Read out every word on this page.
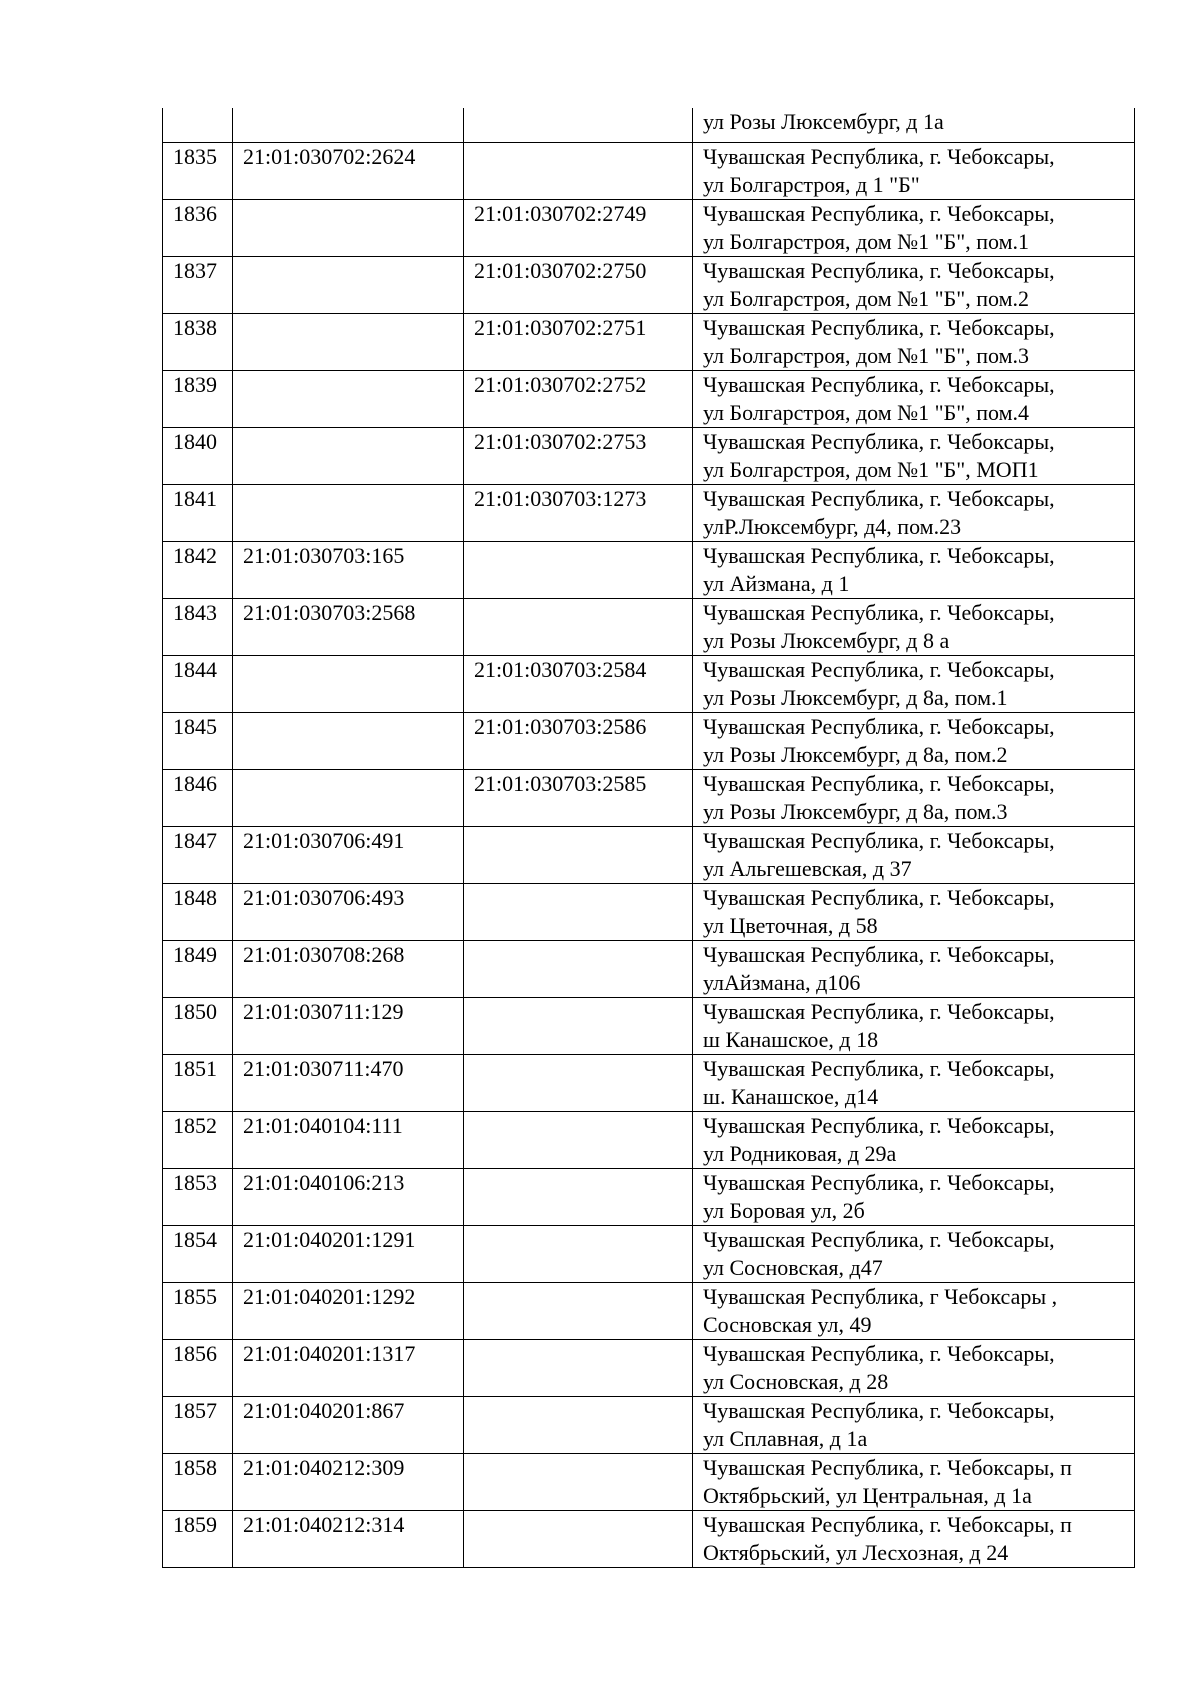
			ул Розы Люксембург, д 1а

1835	21:01:030702:2624		Чувашская Республика, г. Чебоксары,
ул Болгарстроя, д 1 "Б"

1836		21:01:030702:2749	Чувашская Республика, г. Чебоксары,
ул Болгарстроя, дом №1 "Б", пом.1

1837		21:01:030702:2750	Чувашская Республика, г. Чебоксары,
ул Болгарстроя, дом №1 "Б", пом.2

1838		21:01:030702:2751	Чувашская Республика, г. Чебоксары,
ул Болгарстроя, дом №1 "Б", пом.3

1839		21:01:030702:2752	Чувашская Республика, г. Чебоксары,
ул Болгарстроя, дом №1 "Б", пом.4

1840		21:01:030702:2753	Чувашская Республика, г. Чебоксары,
ул Болгарстроя, дом №1 "Б", МОП1

1841		21:01:030703:1273	Чувашская Республика, г. Чебоксары,
улР.Люксембург, д4, пом.23

1842	21:01:030703:165		Чувашская Республика, г. Чебоксары,
ул Айзмана, д 1

1843	21:01:030703:2568		Чувашская Республика, г. Чебоксары,
ул Розы Люксембург, д 8 а

1844		21:01:030703:2584	Чувашская Республика, г. Чебоксары,
ул Розы Люксембург, д 8а, пом.1

1845		21:01:030703:2586	Чувашская Республика, г. Чебоксары,
ул Розы Люксембург, д 8а, пом.2

1846		21:01:030703:2585	Чувашская Республика, г. Чебоксары,
ул Розы Люксембург, д 8а, пом.3

1847	21:01:030706:491		Чувашская Республика, г. Чебоксары,
ул Альгешевская, д 37

1848	21:01:030706:493		Чувашская Республика, г. Чебоксары,
ул Цветочная, д 58

1849	21:01:030708:268		Чувашская Республика, г. Чебоксары,
улАйзмана, д106

1850	21:01:030711:129		Чувашская Республика, г. Чебоксары,
ш Канашское, д 18

1851	21:01:030711:470		Чувашская Республика, г. Чебоксары,
ш. Канашское, д14

1852	21:01:040104:111		Чувашская Республика, г. Чебоксары,
ул Родниковая, д 29а

1853	21:01:040106:213		Чувашская Республика, г. Чебоксары,
ул Боровая ул, 2б

1854	21:01:040201:1291		Чувашская Республика, г. Чебоксары,
ул Сосновская, д47

1855	21:01:040201:1292		Чувашская Республика, г Чебоксары ,
Сосновская ул, 49

1856	21:01:040201:1317		Чувашская Республика, г. Чебоксары,
ул Сосновская, д 28

1857	21:01:040201:867		Чувашская Республика, г. Чебоксары,
ул Сплавная, д 1а

1858	21:01:040212:309		Чувашская Республика, г. Чебоксары, п
Октябрьский, ул Центральная, д 1а

1859	21:01:040212:314		Чувашская Республика, г. Чебоксары, п
Октябрьский, ул Лесхозная, д 24
